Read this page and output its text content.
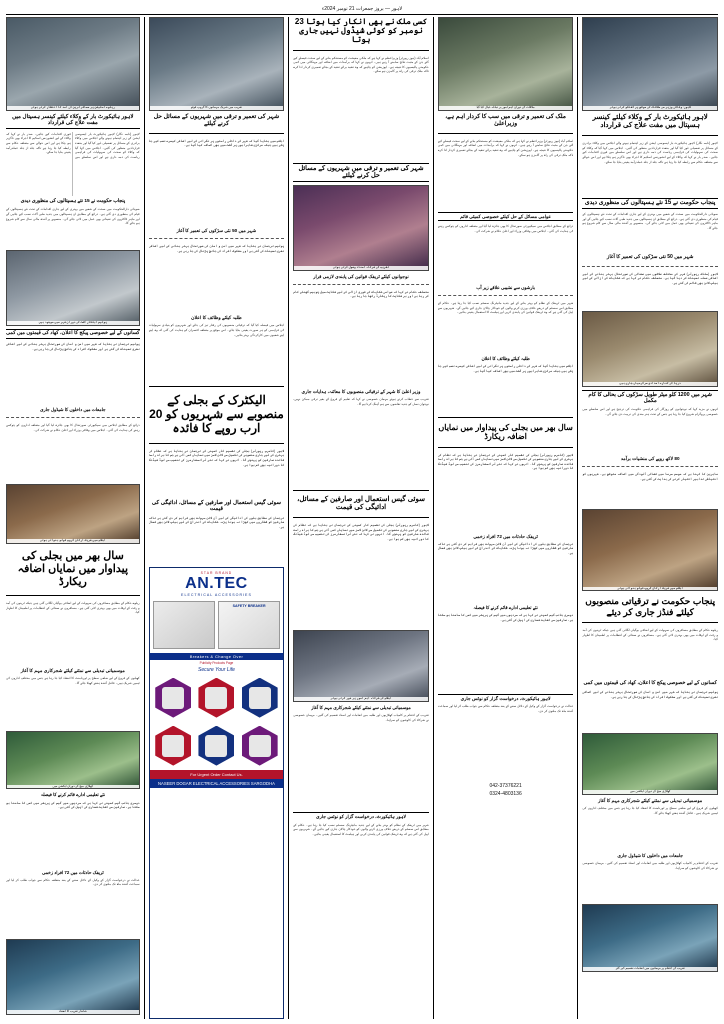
لاہور — بروز جمعرات 21 نومبر 2024ء
لاہور: وفاقی وزیر سے ملاقات کے موقع پر گفتگو کرتے ہوئے
لاہور ہائیکورٹ بار کے وکلاء کیلئے کینسر ہسپتال میں مفت علاج کی قرارداد
لاہور (نامہ نگار) لاہور ہائیکورٹ بار ایسوسی ایشن کے زیر اہتمام ہونے والے اجلاس میں وکلاء برادری کے مسائل پر تفصیلی غور کیا گیا اور متعدد قراردادیں منظور کی گئیں۔ اجلاس میں کہا گیا کہ وکلاء کو صحت کی سہولیات کی فراہمی ریاست کی ذمہ داری ہے اور اس سلسلے میں فوری اقدامات کیے جائیں۔ صدر بار نے کہا کہ وکلاء کے لیے انشورنس اسکیم کا اجراء بھی ناگزیر ہو چکا ہے اور اس حوالے سے متعلقہ حکام سے رابطہ کیا جا رہا ہے تاکہ جلد از جلد عملدرآمد یقینی بنایا جا سکے۔
پنجاب حکومت نے 15 نئے ہسپتالوں کی منظوری دیدی
صوبائی دارالحکومت میں صحت کے شعبے میں بہتری کے لیے جاری اقدامات کے تحت نئے ہسپتالوں کے قیام کی منظوری دی گئی ہے۔ ذرائع کے مطابق ان ہسپتالوں میں جدید طبی آلات نصب کیے جائیں گے اور ماہر ڈاکٹروں کی تعیناتی بھی عمل میں لائی جائے گی۔ منصوبے پر آئندہ مالی سال سے کام شروع ہو جائے گا۔
شہر میں 50 نئی سڑکوں کی تعمیر کا آغاز
لاہور (سٹاف رپورٹر) شہر کے مختلف علاقوں میں صفائی کی صورتحال بہتر بنانے کے لیے اضافی عملہ تعینات کر دیا گیا ہے۔ متعلقہ حکام نے کہا ہے کہ شکایات کے ازالے کے لیے ہیلپ لائن بھی قائم کی گئی ہے۔
دریا کے کنارے امدادی سرگرمیاں جاری ہیں
شہر میں 1200 کلو میٹر طویل سڑکوں کی بحالی کا کام مکمل
انہوں نے مزید کہا کہ نوجوانوں کو روزگار کی فراہمی حکومت کی ترجیح ہے اور اس سلسلے میں خصوصی پروگرام شروع کیا جا رہا ہے جس کے تحت ہنر مندی کی تربیت دی جائے گی۔
80 لاکھ روپے کی منشیات برآمد
ماہرین کا کہنا ہے کہ موسم سرما میں فضائی آلودگی میں اضافہ متوقع ہے، شہریوں کو احتیاطی تدابیر اختیار کرنے کی ہدایت کی گئی ہے۔
اجلاس میں شریک ارکان گروپ فوٹو بنواتے ہوئے
پنجاب حکومت نے ترقیاتی منصوبوں کیلئے فنڈز جاری کر دیئے
ریلوے حکام کے مطابق مسافروں کی سہولت کے لیے اضافی بوگیاں لگائی گئی ہیں جبکہ ٹرینوں کی آمد و رفت کے اوقات میں بھی بہتری لائی گئی ہے۔ مسافروں نے صفائی کے انتظامات پر اطمینان کا اظہار کیا۔
کسانوں کے لیے خصوصی پیکج کا اعلان، کھاد کی قیمتوں میں کمی
پولیس ترجمان نے بتایا کہ شہر میں امن و امان کی صورتحال بہتر بنانے کے لیے اضافی نفری تعینات کی گئی ہے اور مشکوک افراد کی جانچ پڑتال کی جا رہی ہے۔
کھلاڑی میچ کے دوران ایکشن میں
موسمیاتی تبدیلی سے نمٹنے کیلئے شجرکاری مہم کا آغاز
کھیلوں کے فروغ کے لیے ضلعی سطح پر ٹورنامنٹ کا انعقاد کیا جا رہا ہے جس میں مختلف اداروں کی ٹیمیں شریک ہیں۔ فائنل آئندہ ہفتے کھیلا جائے گا۔
جامعات میں داخلوں کا شیڈول جاری
تقریب کے اختتام پر کامیاب کھلاڑیوں اور طلبہ میں انعامات اور اسناد تقسیم کی گئیں۔ مہمان خصوصی نے شرکاء کی کاوشوں کو سراہا۔
تقریب کے اختتام پر مہمانوں میں انعامات تقسیم کیے گئے
ملاقات کے دوران اہم امور پر تبادلہ خیال کیا گیا
ملک کی تعمیر و ترقی میں سب کا کردار اہم ہے، وزیراعلیٰ
اسلام آباد (نیوز رپورٹر) وزیراعظم نے کہا ہے کہ ملکی معیشت کو مستحکم بنانے کے لیے سخت فیصلے کیے گئے جن کے مثبت نتائج سامنے آ رہے ہیں۔ انہوں نے کہا کہ برآمدات میں اضافہ اور مہنگائی میں کمی حکومتی پالیسیوں کا نتیجہ ہے۔ اپوزیشن کو چاہیے کہ وہ تنقید برائے تنقید کے بجائے تعمیری کردار ادا کرے تاکہ ملک ترقی کی راہ پر گامزن ہو سکے۔
عوامی مسائل کے حل کیلئے خصوصی کمیٹی قائم
ذرائع کے مطابق اجلاس میں سیکیورٹی صورتحال کا بھی جائزہ لیا گیا اور متعلقہ اداروں کو چوکس رہنے کی ہدایت کی گئی۔ اجلاس میں وفاقی وزراء اور اعلیٰ حکام نے شرکت کی۔
بارشوں سے نشیبی علاقے زیر آب
شہر میں ٹریفک کے نظام کو بہتر بنانے کے لیے جدید مانیٹرنگ سسٹم نصب کیا جا رہا ہے۔ حکام کے مطابق اس سسٹم کے ذریعے خلاف ورزی کرنے والوں کو خودکار چالان جاری کیے جائیں گے۔ شہریوں سے اپیل کی گئی ہے کہ وہ ٹریفک قوانین کی پابندی کریں اور ہیلمٹ کا استعمال یقینی بنائیں۔
طلبہ کیلئے وظائف کا اعلان
اجلاس میں بتایا گیا کہ شہر کے داخلی راستوں پر نگرانی کے لیے اضافی کیمرے نصب کیے جا چکے ہیں جبکہ مرکزی شاہراہوں پر گشت میں بھی اضافہ کیا گیا ہے۔
سال بھر میں بجلی کی پیداوار میں نمایاں اضافہ ریکارڈ
لاہور (کامرس رپورٹر) بجلی کی تقسیم کار کمپنی کے ترجمان نے بتایا ہے کہ نظام کی بہتری کے لیے جاری منصوبے کی تکمیل سے لائن لاسز میں نمایاں کمی آئی ہے جس کا براہ راست فائدہ صارفین کو پہنچے گا۔ انہوں نے کہا کہ نئے ٹرانسفارمرز کی تنصیب سے لوڈ شیڈنگ کا دورانیہ بھی کم ہوا ہے۔
ٹریفک حادثات میں 72 افراد زخمی
ترجمان کے مطابق بلوں کی ادائیگی کے لیے آن لائن سہولت بھی فراہم کر دی گئی ہے تاکہ صارفین کو قطاروں میں کھڑا نہ ہونا پڑے۔ شکایات کے اندراج کے لیے ہیلپ لائن بھی فعال ہے۔
نئے تعلیمی ادارے قائم کرنے کا فیصلہ
دوسری جانب گیس کمپنی نے کہا ہے کہ سردیوں میں گیس کے پریشر میں کمی کا سامنا ہو سکتا ہے، صارفین سے کفایت شعاری کی اپیل کی گئی ہے۔
لاہور ہائیکورٹ، درخواست گزار کو نوٹس جاری
عدالت نے درخواست گزار کے وکیل کے دلائل سننے کے بعد متعلقہ حکام سے جواب طلب کر لیا اور سماعت آئندہ ماہ تک ملتوی کر دی۔
042-37376221
0324-4803136
کسی ملک نے بھی انکار کیا ہوتا 23 نومبر کو کوئی شیڈول نہیں جاری ہوتا
اسلام آباد (نیوز رپورٹر) وزیراعظم نے کہا ہے کہ ملکی معیشت کو مستحکم بنانے کے لیے سخت فیصلے کیے گئے جن کے مثبت نتائج سامنے آ رہے ہیں۔ انہوں نے کہا کہ برآمدات میں اضافہ اور مہنگائی میں کمی حکومتی پالیسیوں کا نتیجہ ہے۔ اپوزیشن کو چاہیے کہ وہ تنقید برائے تنقید کے بجائے تعمیری کردار ادا کرے تاکہ ملک ترقی کی راہ پر گامزن ہو سکے۔
شہر کی تعمیر و ترقی میں شہریوں کے مسائل حل کرنے کیلئے
تقریب کے شرکاء اسناد وصول کرتے ہوئے
نوجوانوں کیلئے ٹریفک قوانین کی پابندی لازمی قرار
متعلقہ حکام نے کہا کہ عوامی شکایات کے فوری ازالے کے لیے شکایت سیل چوبیس گھنٹے کام کر رہا ہے اور ہر شکایت کا ریکارڈ رکھا جا رہا ہے۔
وزیر اعلیٰ کا شہر کے ترقیاتی منصوبوں کا معائنہ، ہدایات جاری
تقریب سے خطاب کرتے ہوئے مہمان خصوصی نے کہا کہ تعلیم کے فروغ کے بغیر ترقی ممکن نہیں، نوجوان نسل کو جدید تقاضوں سے ہم آہنگ کرنا ہو گا۔
سوئی گیس استعمال اور صارفین کے مسائل، ادائیگی کی قیمت
لاہور (کامرس رپورٹر) بجلی کی تقسیم کار کمپنی کے ترجمان نے بتایا ہے کہ نظام کی بہتری کے لیے جاری منصوبے کی تکمیل سے لائن لاسز میں نمایاں کمی آئی ہے جس کا براہ راست فائدہ صارفین کو پہنچے گا۔ انہوں نے کہا کہ نئے ٹرانسفارمرز کی تنصیب سے لوڈ شیڈنگ کا دورانیہ بھی کم ہوا ہے۔
اجلاس کے شرکاء اہم امور پر غور کرتے ہوئے
موسمیاتی تبدیلی سے نمٹنے کیلئے شجرکاری مہم کا آغاز
تقریب کے اختتام پر کامیاب کھلاڑیوں اور طلبہ میں انعامات اور اسناد تقسیم کی گئیں۔ مہمان خصوصی نے شرکاء کی کاوشوں کو سراہا۔
لاہور ہائیکورٹ، درخواست گزار کو نوٹس جاری
شہر میں ٹریفک کے نظام کو بہتر بنانے کے لیے جدید مانیٹرنگ سسٹم نصب کیا جا رہا ہے۔ حکام کے مطابق اس سسٹم کے ذریعے خلاف ورزی کرنے والوں کو خودکار چالان جاری کیے جائیں گے۔ شہریوں سے اپیل کی گئی ہے کہ وہ ٹریفک قوانین کی پابندی کریں اور ہیلمٹ کا استعمال یقینی بنائیں۔
تقریب میں شریک مہمانوں کا گروپ فوٹو
شہر کی تعمیر و ترقی میں شہریوں کے مسائل حل کرنے کیلئے
اجلاس میں بتایا گیا کہ شہر کے داخلی راستوں پر نگرانی کے لیے اضافی کیمرے نصب کیے جا چکے ہیں جبکہ مرکزی شاہراہوں پر گشت میں بھی اضافہ کیا گیا ہے۔
شہر میں 50 نئی سڑکوں کی تعمیر کا آغاز
پولیس ترجمان نے بتایا کہ شہر میں امن و امان کی صورتحال بہتر بنانے کے لیے اضافی نفری تعینات کی گئی ہے اور مشکوک افراد کی جانچ پڑتال کی جا رہی ہے۔
طلبہ کیلئے وظائف کا اعلان
اجلاس میں فیصلہ کیا گیا کہ ترقیاتی منصوبوں کی رفتار تیز کی جائے اور شہریوں کو بنیادی سہولیات کی فراہمی کو ہر صورت یقینی بنایا جائے۔ اس موقع پر متعلقہ افسران کو ہدایت کی گئی کہ وہ اپنے اپنے شعبوں میں کارکردگی بہتر بنائیں۔
الیکٹرک کے بجلی کے منصوبے سے شہریوں کو 20 ارب روپے کا فائدہ
لاہور (کامرس رپورٹر) بجلی کی تقسیم کار کمپنی کے ترجمان نے بتایا ہے کہ نظام کی بہتری کے لیے جاری منصوبے کی تکمیل سے لائن لاسز میں نمایاں کمی آئی ہے جس کا براہ راست فائدہ صارفین کو پہنچے گا۔ انہوں نے کہا کہ نئے ٹرانسفارمرز کی تنصیب سے لوڈ شیڈنگ کا دورانیہ بھی کم ہوا ہے۔
سوئی گیس استعمال اور صارفین کے مسائل، ادائیگی کی قیمت
ترجمان کے مطابق بلوں کی ادائیگی کے لیے آن لائن سہولت بھی فراہم کر دی گئی ہے تاکہ صارفین کو قطاروں میں کھڑا نہ ہونا پڑے۔ شکایات کے اندراج کے لیے ہیلپ لائن بھی فعال ہے۔
STAR BRAND
AN.TEC
ELECTRICAL ACCESSORIES
SAFETY BREAKER
Breakers & Change Over
Publicity Products Page
Secure Your Life
For Urgent Order Contact Us.
NASEER DOGAR ELECTRICAL ACCESSORIES SARGODHA
ریلوے اسٹیشن پر مسافر ٹرین کی آمد کا انتظار کرتے ہوئے
لاہور ہائیکورٹ بار کے وکلاء کیلئے کینسر ہسپتال میں مفت علاج کی قرارداد
لاہور (نامہ نگار) لاہور ہائیکورٹ بار ایسوسی ایشن کے زیر اہتمام ہونے والے اجلاس میں وکلاء برادری کے مسائل پر تفصیلی غور کیا گیا اور متعدد قراردادیں منظور کی گئیں۔ اجلاس میں کہا گیا کہ وکلاء کو صحت کی سہولیات کی فراہمی ریاست کی ذمہ داری ہے اور اس سلسلے میں فوری اقدامات کیے جائیں۔ صدر بار نے کہا کہ وکلاء کے لیے انشورنس اسکیم کا اجراء بھی ناگزیر ہو چکا ہے اور اس حوالے سے متعلقہ حکام سے رابطہ کیا جا رہا ہے تاکہ جلد از جلد عملدرآمد یقینی بنایا جا سکے۔
پنجاب حکومت نے 15 نئے ہسپتالوں کی منظوری دیدی
صوبائی دارالحکومت میں صحت کے شعبے میں بہتری کے لیے جاری اقدامات کے تحت نئے ہسپتالوں کے قیام کی منظوری دی گئی ہے۔ ذرائع کے مطابق ان ہسپتالوں میں جدید طبی آلات نصب کیے جائیں گے اور ماہر ڈاکٹروں کی تعیناتی بھی عمل میں لائی جائے گی۔ منصوبے پر آئندہ مالی سال سے کام شروع ہو جائے گا۔
پولیس اہلکار گشت کے دوران شہر میں موجود ہیں
کسانوں کے لیے خصوصی پیکج کا اعلان، کھاد کی قیمتوں میں کمی
پولیس ترجمان نے بتایا کہ شہر میں امن و امان کی صورتحال بہتر بنانے کے لیے اضافی نفری تعینات کی گئی ہے اور مشکوک افراد کی جانچ پڑتال کی جا رہی ہے۔
جامعات میں داخلوں کا شیڈول جاری
ذرائع کے مطابق اجلاس میں سیکیورٹی صورتحال کا بھی جائزہ لیا گیا اور متعلقہ اداروں کو چوکس رہنے کی ہدایت کی گئی۔ اجلاس میں وفاقی وزراء اور اعلیٰ حکام نے شرکت کی۔
اجلاس میں شریک ارکان گروپ فوٹو بنواتے ہوئے
سال بھر میں بجلی کی پیداوار میں نمایاں اضافہ ریکارڈ
ریلوے حکام کے مطابق مسافروں کی سہولت کے لیے اضافی بوگیاں لگائی گئی ہیں جبکہ ٹرینوں کی آمد و رفت کے اوقات میں بھی بہتری لائی گئی ہے۔ مسافروں نے صفائی کے انتظامات پر اطمینان کا اظہار کیا۔
موسمیاتی تبدیلی سے نمٹنے کیلئے شجرکاری مہم کا آغاز
کھیلوں کے فروغ کے لیے ضلعی سطح پر ٹورنامنٹ کا انعقاد کیا جا رہا ہے جس میں مختلف اداروں کی ٹیمیں شریک ہیں۔ فائنل آئندہ ہفتے کھیلا جائے گا۔
کھلاڑی میچ کے دوران ایکشن میں
نئے تعلیمی ادارے قائم کرنے کا فیصلہ
دوسری جانب گیس کمپنی نے کہا ہے کہ سردیوں میں گیس کے پریشر میں کمی کا سامنا ہو سکتا ہے، صارفین سے کفایت شعاری کی اپیل کی گئی ہے۔
ٹریفک حادثات میں 72 افراد زخمی
عدالت نے درخواست گزار کے وکیل کے دلائل سننے کے بعد متعلقہ حکام سے جواب طلب کر لیا اور سماعت آئندہ ماہ تک ملتوی کر دی۔
شاندار تقریب کا انعقاد
